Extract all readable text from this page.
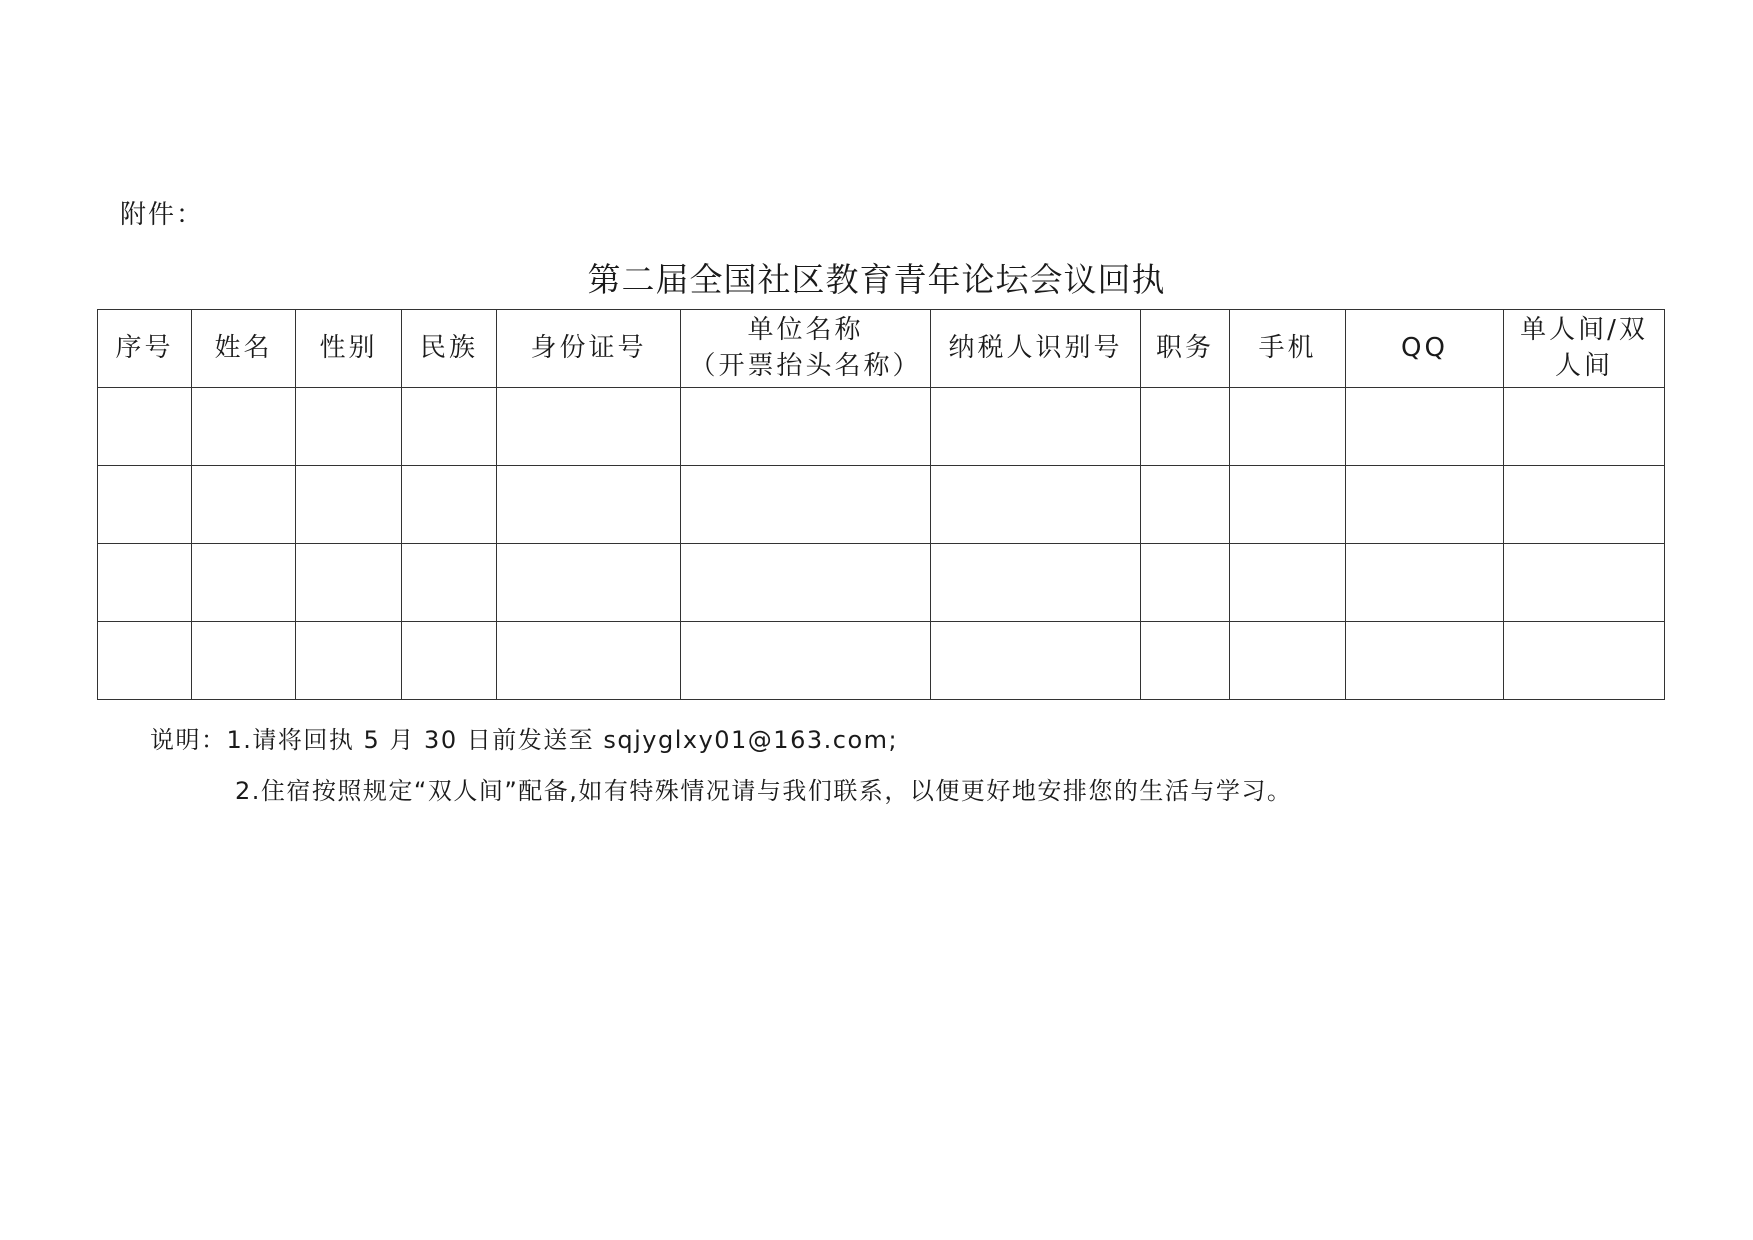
附件：
第二届全国社区教育青年论坛会议回执
序号	姓名	性别	民族	身份证号	单位名称
（开票抬头名称）	纳税人识别号	职务	手机	QQ	单人间/双
人间

说明：1.请将回执 5 月 30 日前发送至 sqjyglxy01@163.com;
2.住宿按照规定“双人间”配备,如有特殊情况请与我们联系，以便更好地安排您的生活与学习。
